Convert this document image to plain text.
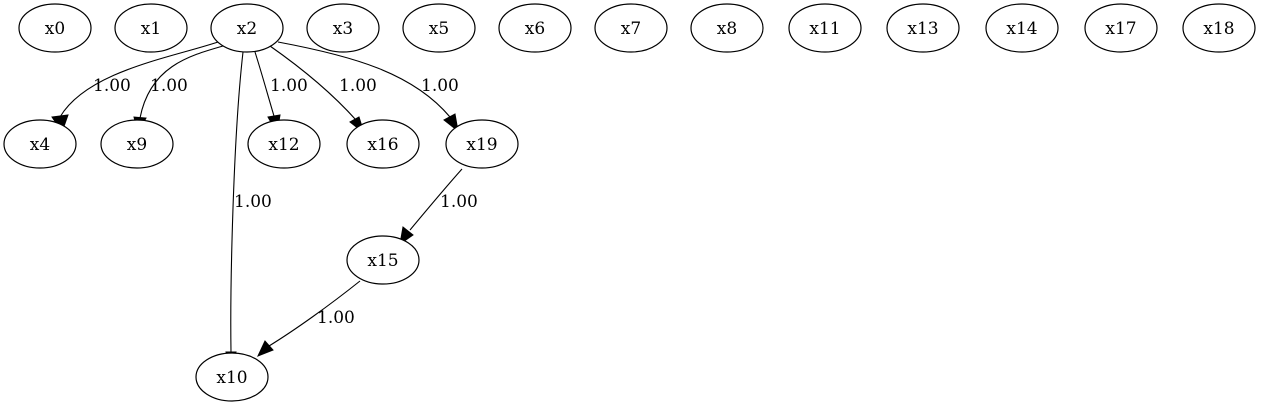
1.00 1.00
1.00
1.00 1.00	1.00
1.00
1.00
x0	x1	x2	x3	x5	x6	x7	x8	x11	x13	x14	x17	x18
x4	x9	x12	x16	x19
x15
x10
